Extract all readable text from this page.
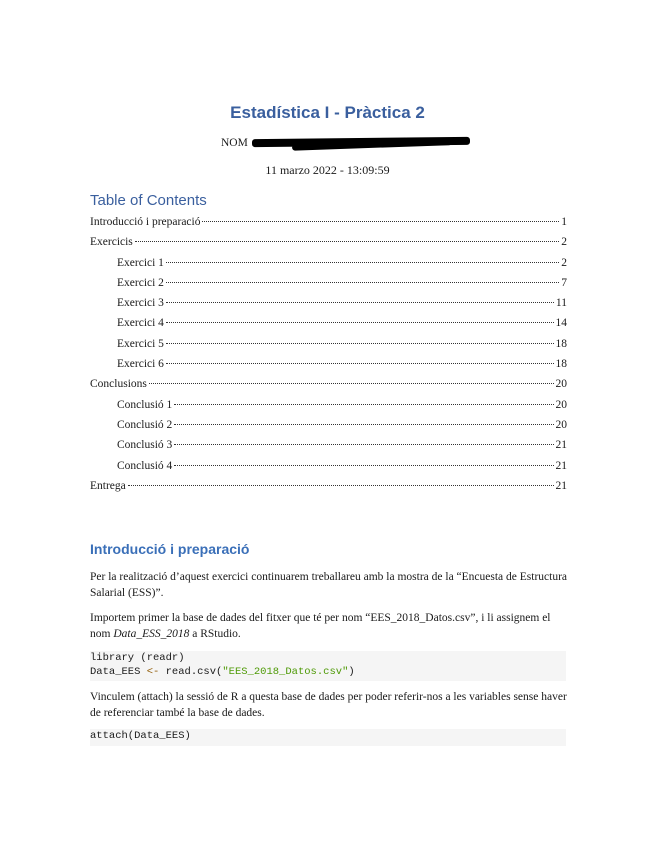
Estadística I - Pràctica 2
NOM
11 marzo 2022 - 13:09:59
Table of Contents
Introducció i preparació	1
Exercicis	2
Exercici 1	2
Exercici 2	7
Exercici 3	11
Exercici 4	14
Exercici 5	18
Exercici 6	18
Conclusions	20
Conclusió 1	20
Conclusió 2	20
Conclusió 3	21
Conclusió 4	21
Entrega	21
Introducció i preparació

Per la realització d’aquest exercici continuarem treballareu amb la mostra de la “Encuesta de Estructura Salarial (ESS)”.

Importem primer la base de dades del fitxer que té per nom “EES_2018_Datos.csv”, i li assignem el nom Data_ESS_2018 a RStudio.

library (readr)
Data_EES <- read.csv("EES_2018_Datos.csv")

Vinculem (attach) la sessió de R a questa base de dades per poder referir-nos a les variables sense haver de referenciar també la base de dades.

attach(Data_EES)
